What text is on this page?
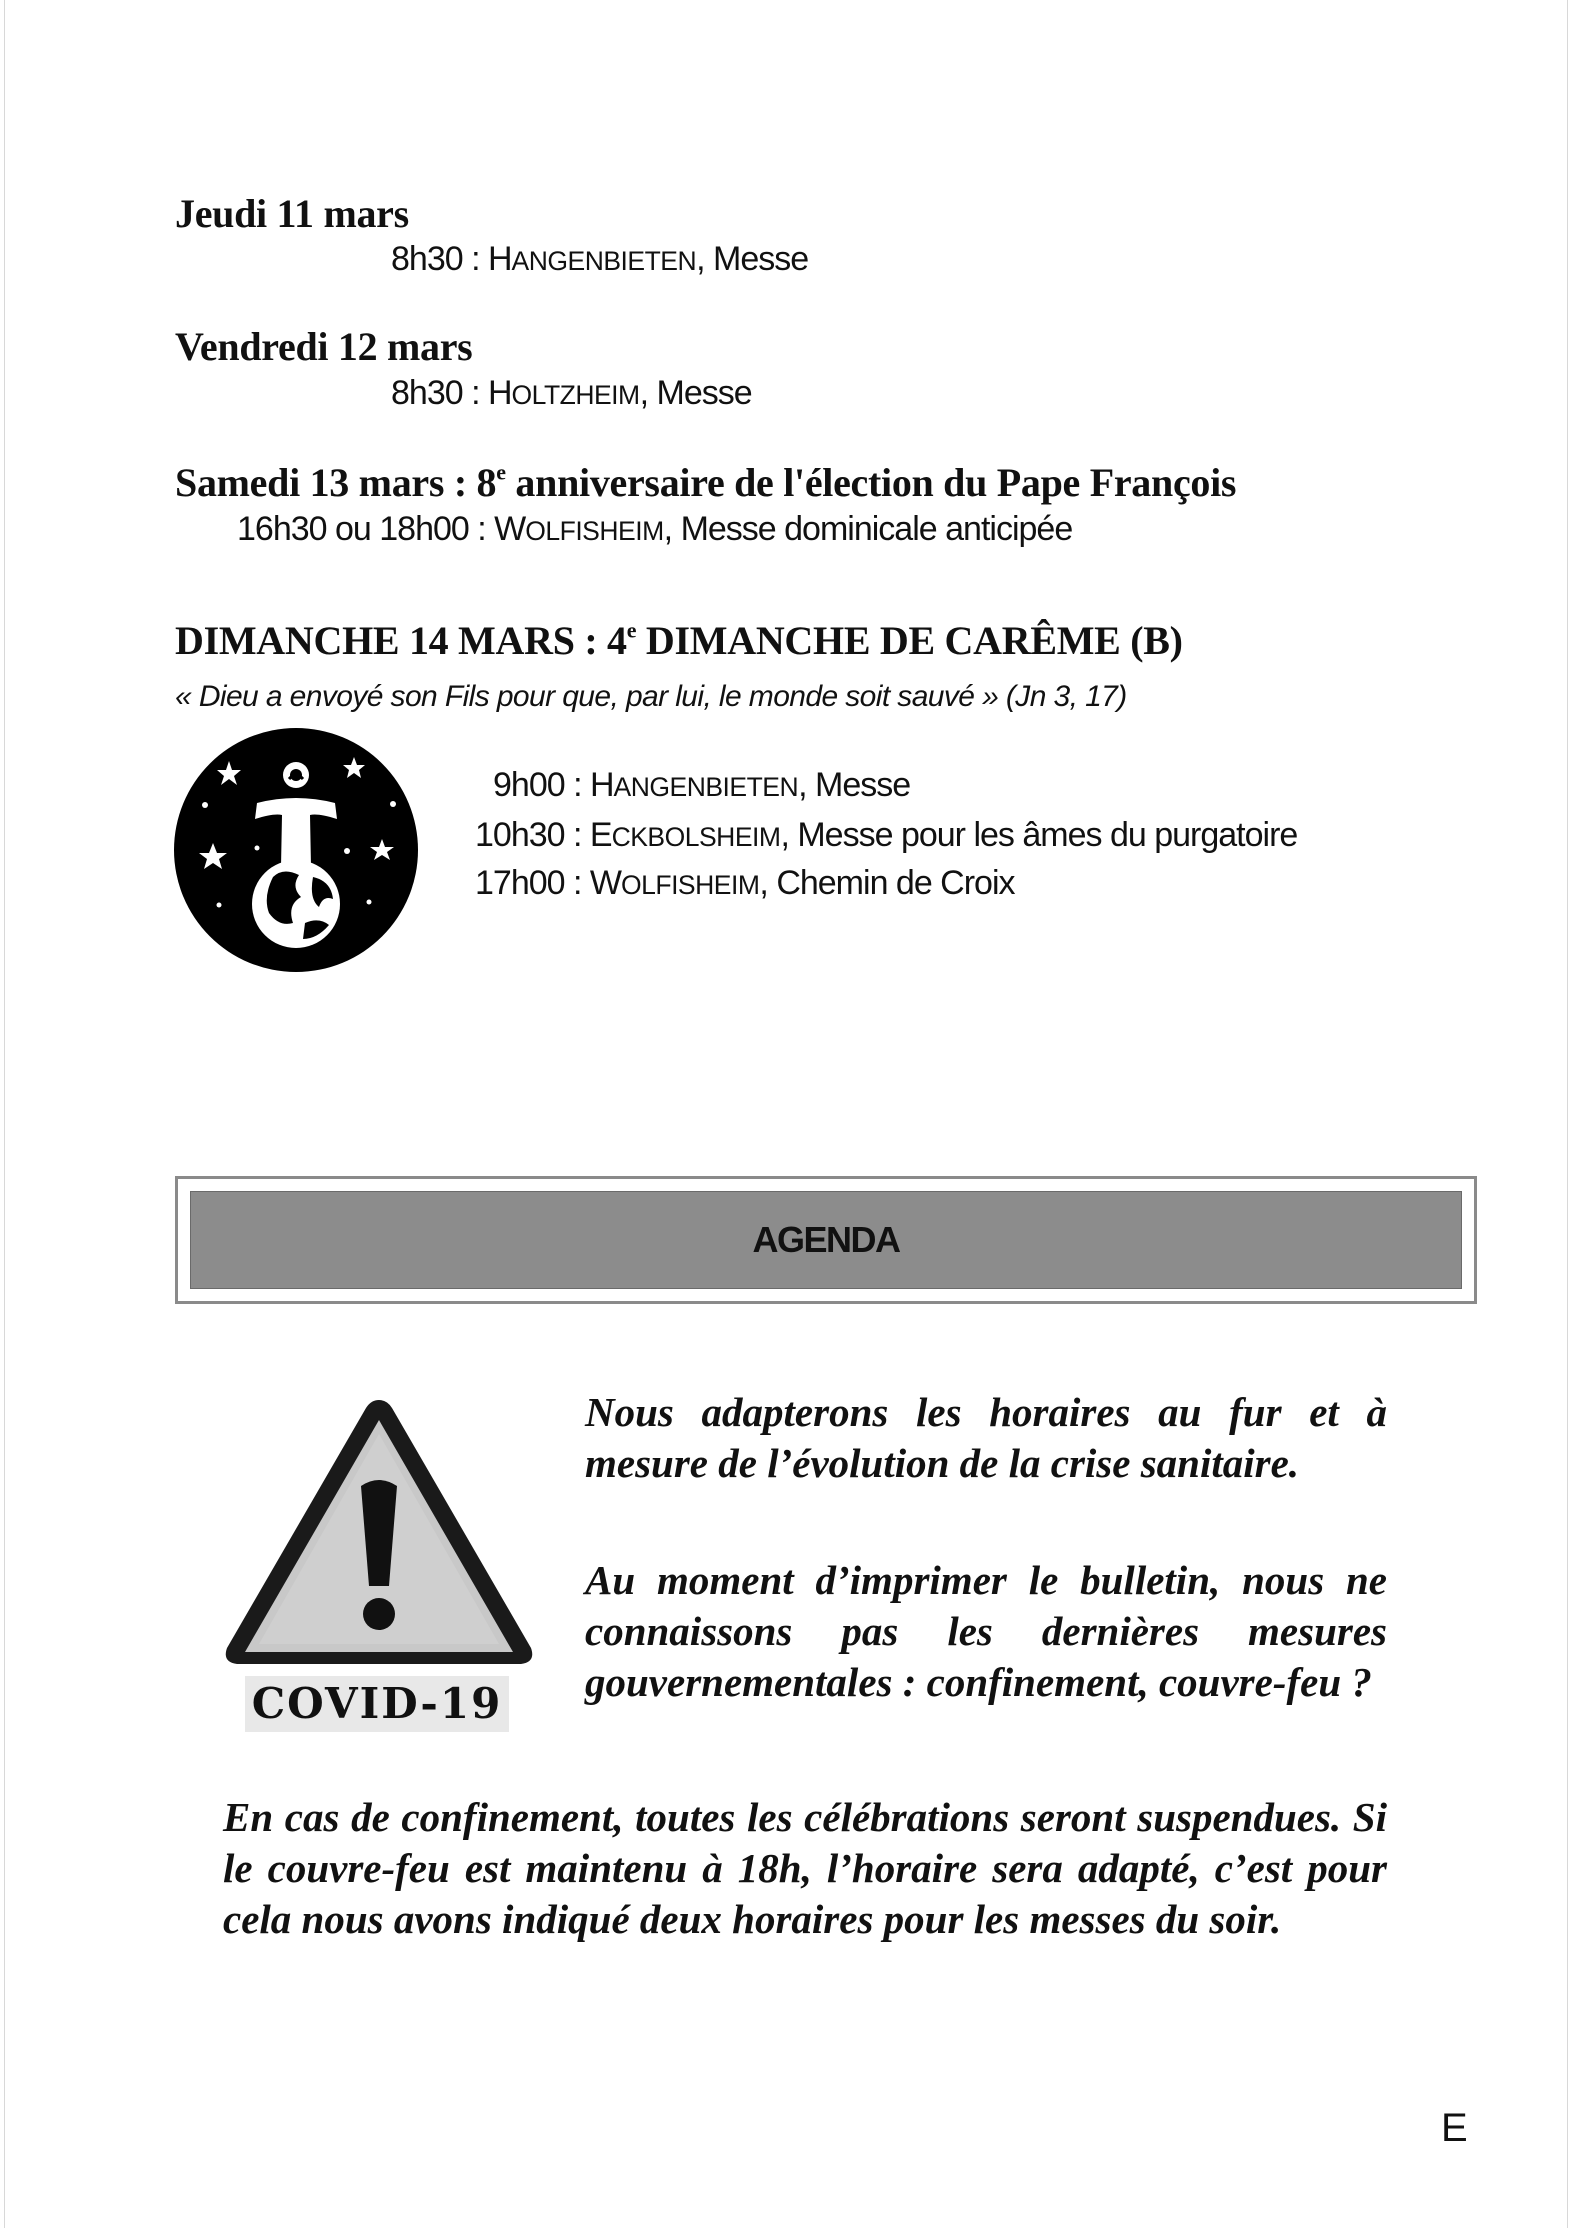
Jeudi 11 mars
8h30 : HANGENBIETEN, Messe
Vendredi 12 mars
8h30 : HOLTZHEIM, Messe
Samedi 13 mars : 8e anniversaire de l'élection du Pape François
16h30 ou 18h00 : WOLFISHEIM, Messe dominicale anticipée
DIMANCHE 14 MARS : 4e DIMANCHE DE CARÊME (B)
« Dieu a envoyé son Fils pour que, par lui, le monde soit sauvé » (Jn 3, 17)
9h00 : HANGENBIETEN, Messe
10h30 : ECKBOLSHEIM, Messe pour les âmes du purgatoire
17h00 : WOLFISHEIM, Chemin de Croix
AGENDA
COVID-19
Nous adapterons les horaires au fur et à mesure de l’évolution de la crise sanitaire.
Au moment d’imprimer le bulletin, nous ne connaissons pas les dernières mesures gouvernementales : confinement, couvre-feu ?
En cas de confinement, toutes les célébrations seront suspendues. Si le couvre-feu est maintenu à 18h, l’horaire sera adapté, c’est pour cela nous avons indiqué deux horaires pour les messes du soir.
E
